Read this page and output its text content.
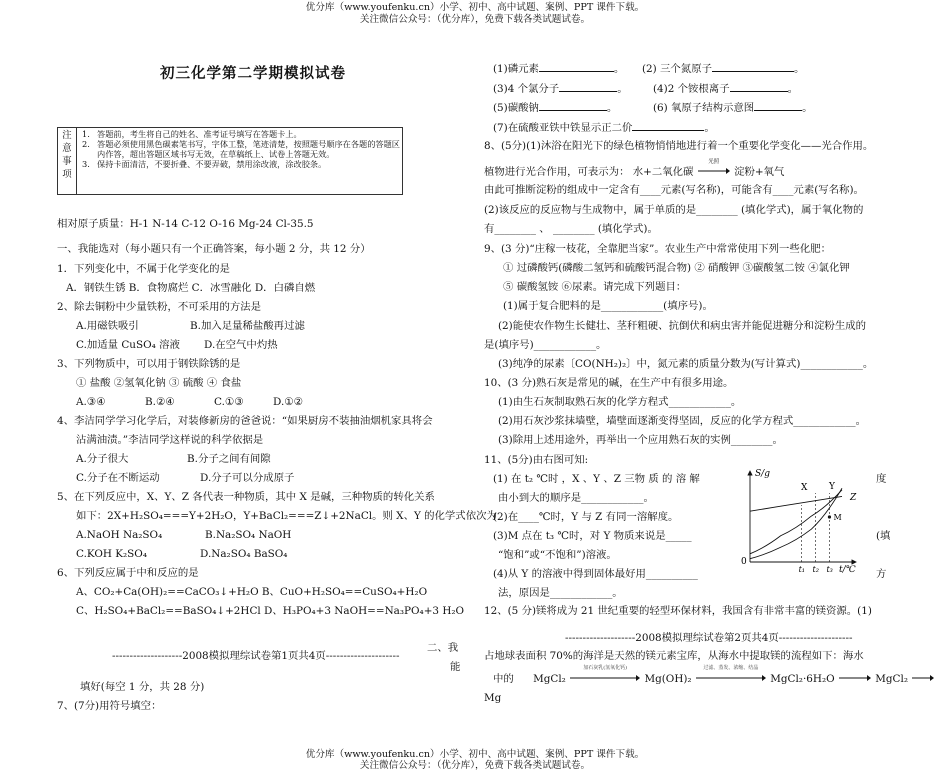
优分库（www.youfenku.cn）小学、初中、高中试题、案例、PPT 课件下载。
关注微信公众号：（优分库），免费下载各类试题试卷。
初三化学第二学期模拟试卷
注
意
事
项
1. 答题前，考生将自己的姓名、准考证号填写在答题卡上。
2. 答题必须使用黑色碳素笔书写，字体工整，笔迹清楚，按照题号顺序在各题的答题区内作答，超出答题区域书写无效，在草稿纸上、试卷上答题无效。
3. 保持卡面清洁，不要折叠、不要弄破，禁用涂改液，涂改胶条。
相对原子质量：H-1 N-14 C-12 O-16 Mg-24 Cl-35.5
一、我能选对（每小题只有一个正确答案，每小题 2 分，共 12 分）
1．下列变化中，不属于化学变化的是
A．钢铁生锈 B．食物腐烂 C．冰雪融化 D．白磷自燃
2、除去铜粉中少量铁粉，不可采用的方法是
A.用磁铁吸引	B.加入足量稀盐酸再过滤
C.加适量 CuSO₄ 溶液 D.在空气中灼热
3、下列物质中，可以用于钢铁除锈的是
① 盐酸 ②氢氧化钠 ③ 硫酸 ④ 食盐
A.③④	B.②④	C.①③	D.①②
4、李洁同学学习化学后，对装修新房的爸爸说：“如果厨房不装抽油烟机家具将会
沾满油渍。”李洁同学这样说的科学依据是
A.分子很大	B.分子之间有间隙
C.分子在不断运动	D.分子可以分成原子
5、在下列反应中，X、Y、Z 各代表一种物质，其中 X 是碱，三种物质的转化关系
如下：2X+H₂SO₄===Y+2H₂O，Y+BaCl₂===Z↓+2NaCl。则 X、Y 的化学式依次为
A.NaOH Na₂SO₄	B.Na₂SO₄ NaOH
C.KOH K₂SO₄	D.Na₂SO₄ BaSO₄
6、下列反应属于中和反应的是
A、CO₂+Ca(OH)₂==CaCO₃↓+H₂O B、CuO+H₂SO₄==CuSO₄+H₂O
C、H₂SO₄+BaCl₂==BaSO₄↓+2HCl D、H₃PO₄+3 NaOH==Na₃PO₄+3 H₂O
--------------------2008模拟理综试卷第1页共4页---------------------
二、我
能
填好(每空 1 分，共 28 分)
7、(7分)用符号填空：
(1)磷元素	。 (2) 三个氮原子	。
(3)4 个氯分子	。 (4)2 个铵根离子	。
(5)碳酸钠	。	(6) 氧原子结构示意图	。
(7)在硫酸亚铁中铁显示正二价	。
8、(5分)(1)沐浴在阳光下的绿色植物悄悄地进行着一个重要化学变化——光合作用。
植物进行光合作用，可表示为： 水+二氧化碳
光照
淀粉+氧气
由此可推断淀粉的组成中一定含有____元素(写名称)，可能含有____元素(写名称)。
(2)该反应的反应物与生成物中，属于单质的是________ (填化学式)，属于氧化物的
有________ 、 ________ (填化学式)。
9、(3 分)“庄稼一枝花，全靠肥当家”。农业生产中常常使用下列一些化肥：
① 过磷酸钙(磷酸二氢钙和硫酸钙混合物) ② 硝酸钾 ③碳酸氢二铵 ④氯化钾
⑤ 碳酸氢铵 ⑥尿素。请完成下列题目：
(1)属于复合肥料的是____________(填序号)。
(2)能使农作物生长健壮、茎秆粗硬、抗倒伏和病虫害并能促进糖分和淀粉生成的
是(填序号)____________。
(3)纯净的尿素〔CO(NH₂)₂〕中，氮元素的质量分数为(写计算式)____________。
10、(3 分)熟石灰是常见的碱，在生产中有很多用途。
(1)由生石灰制取熟石灰的化学方程式____________。
(2)用石灰沙浆抹墙壁，墙壁面逐渐变得坚固，反应的化学方程式____________。
(3)除用上述用途外，再举出一个应用熟石灰的实例________。
11、(5分)由右图可知:
(1) 在 t₂ ℃时 ，X 、Y 、Z 三物 质 的 溶 解	度
由小到大的顺序是____________。
(2)在____℃时，Y 与 Z 有同一溶解度。
(3)M 点在 t₃ ℃时，对 Y 物质来说是_____	(填
“饱和”或“不饱和”)溶液。
(4)从 Y 的溶液中得到固体最好用__________	方
法，原因是____________。
S/g
0
t/℃
t₁ t₂ t₃
X Y
Z
M
12、(5 分)镁将成为 21 世纪重要的轻型环保材料，我国含有非常丰富的镁资源。(1)
--------------------2008模拟理综试卷第2页共4页---------------------
占地球表面积 70%的海洋是天然的镁元素宝库，从海水中提取镁的流程如下：海水
中的 MgCl₂
加石灰乳(氢氧化钙)
Mg(OH)₂
过滤、蒸发、浓缩、结晶
MgCl₂·6H₂O	MgCl₂
Mg
优分库（www.youfenku.cn）小学、初中、高中试题、案例、PPT 课件下载。
关注微信公众号：（优分库），免费下载各类试题试卷。
